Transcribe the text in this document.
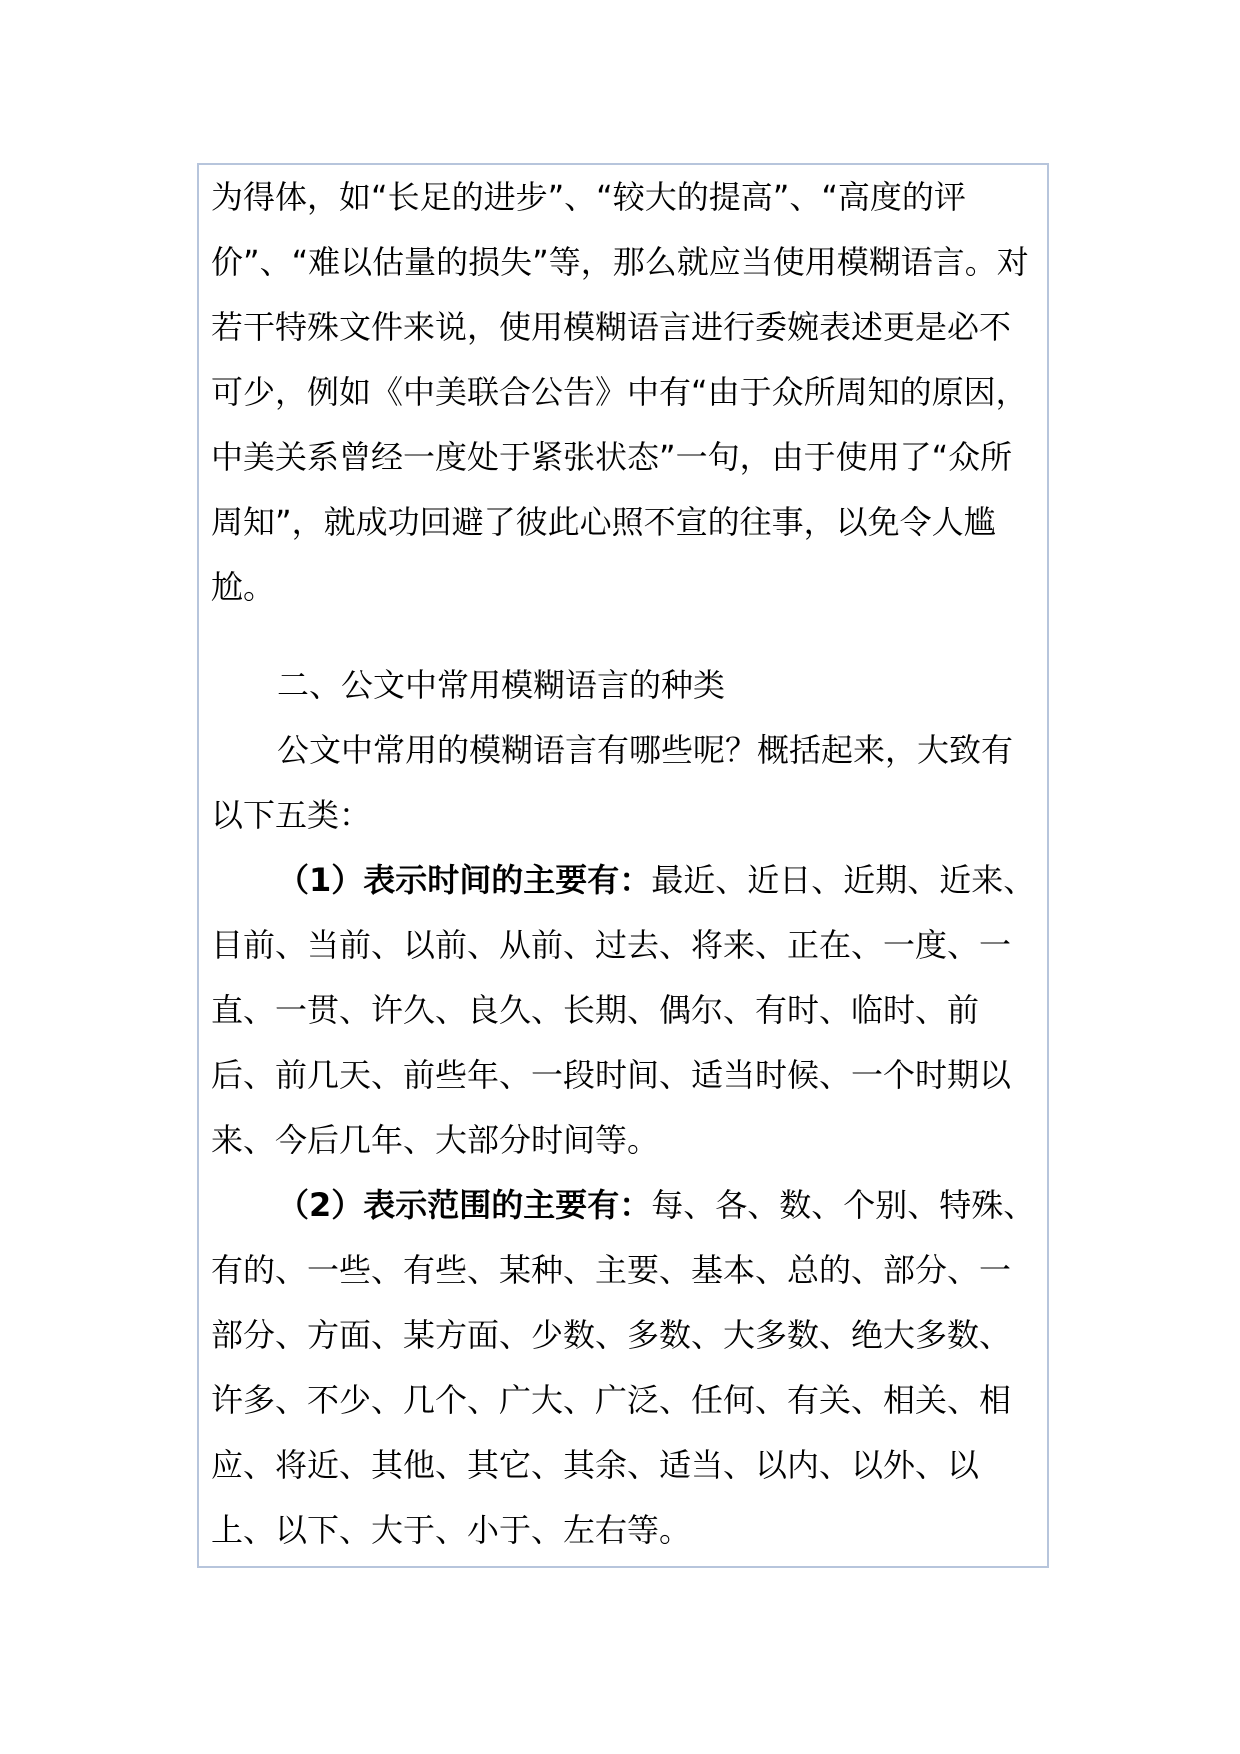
为得体，如“长足的进步”、“较大的提高”、“高度的评价”、“难以估量的损失”等，那么就应当使用模糊语言。对若干特殊文件来说，使用模糊语言进行委婉表述更是必不可少，例如《中美联合公告》中有“由于众所周知的原因，中美关系曾经一度处于紧张状态”一句，由于使用了“众所周知”，就成功回避了彼此心照不宣的往事，以免令人尴尬。

二、公文中常用模糊语言的种类

公文中常用的模糊语言有哪些呢？概括起来，大致有以下五类：

（1）表示时间的主要有：最近、近日、近期、近来、目前、当前、以前、从前、过去、将来、正在、一度、一直、一贯、许久、良久、长期、偶尔、有时、临时、前后、前几天、前些年、一段时间、适当时候、一个时期以来、今后几年、大部分时间等。

（2）表示范围的主要有：每、各、数、个别、特殊、有的、一些、有些、某种、主要、基本、总的、部分、一部分、方面、某方面、少数、多数、大多数、绝大多数、许多、不少、几个、广大、广泛、任何、有关、相关、相应、将近、其他、其它、其余、适当、以内、以外、以上、以下、大于、小于、左右等。
